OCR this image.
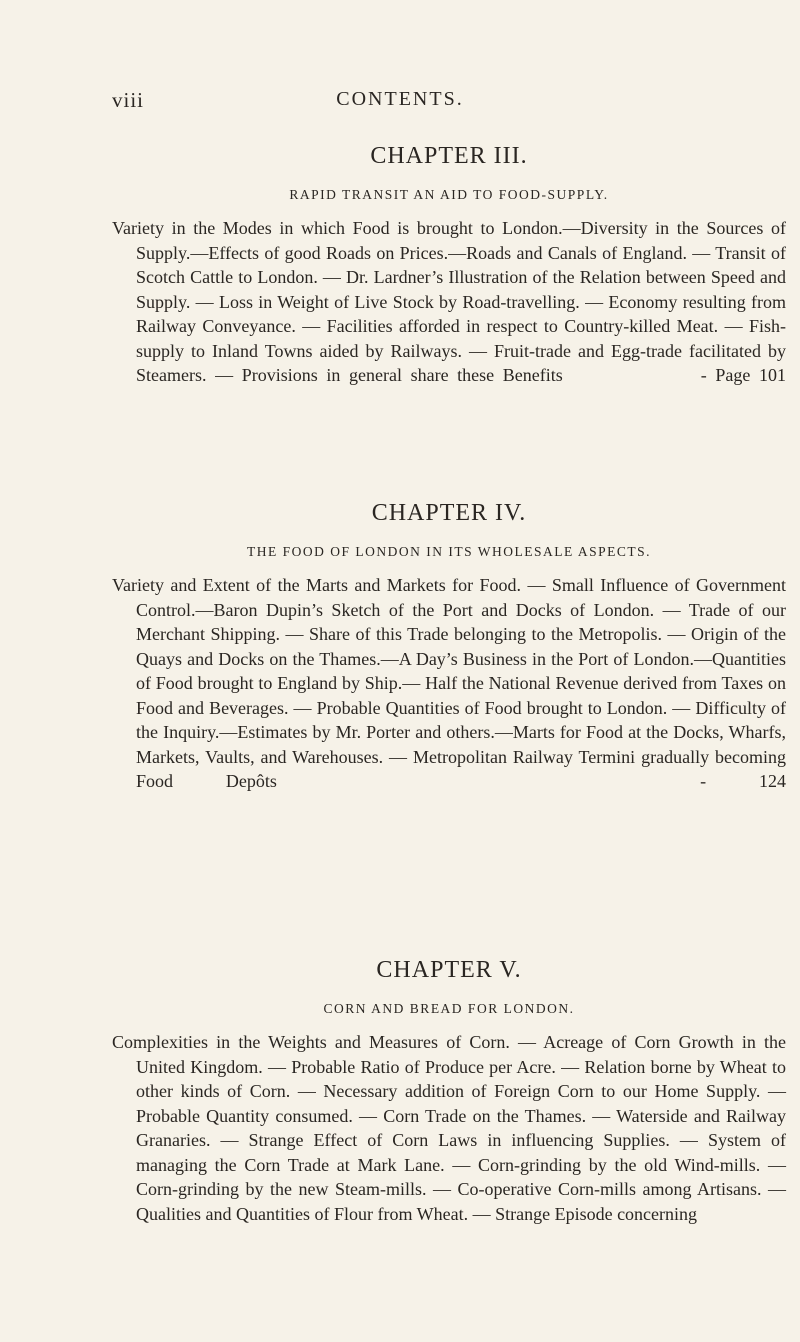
viii	CONTENTS.
CHAPTER III.
RAPID TRANSIT AN AID TO FOOD-SUPPLY.

Variety in the Modes in which Food is brought to London.—Diversity in the Sources of Supply.—Effects of good Roads on Prices.—Roads and Canals of England. — Transit of Scotch Cattle to London. — Dr. Lardner’s Illustration of the Relation between Speed and Supply. — Loss in Weight of Live Stock by Road-travelling. — Economy resulting from Railway Conveyance. — Facilities afforded in respect to Country-killed Meat. — Fish-supply to Inland Towns aided by Railways. — Fruit-trade and Egg-trade facilitated by Steamers. — Provisions in general share these Benefits	- Page 101

CHAPTER IV.
THE FOOD OF LONDON IN ITS WHOLESALE ASPECTS.

Variety and Extent of the Marts and Markets for Food. — Small Influence of Government Control.—Baron Dupin’s Sketch of the Port and Docks of London. — Trade of our Merchant Shipping. — Share of this Trade belonging to the Metropolis. — Origin of the Quays and Docks on the Thames.—A Day’s Business in the Port of London.—Quantities of Food brought to England by Ship.— Half the National Revenue derived from Taxes on Food and Beverages. — Probable Quantities of Food brought to London. — Difficulty of the Inquiry.—Estimates by Mr. Porter and others.—Marts for Food at the Docks, Wharfs, Markets, Vaults, and Warehouses. — Metropolitan Railway Termini gradually becoming Food Depôts	- 124

CHAPTER V.
CORN AND BREAD FOR LONDON.

Complexities in the Weights and Measures of Corn. — Acreage of Corn Growth in the United Kingdom. — Probable Ratio of Produce per Acre. — Relation borne by Wheat to other kinds of Corn. — Necessary addition of Foreign Corn to our Home Supply. — Probable Quantity consumed. — Corn Trade on the Thames. — Waterside and Railway Granaries. — Strange Effect of Corn Laws in influencing Supplies. — System of managing the Corn Trade at Mark Lane. — Corn-grinding by the old Wind-mills. — Corn-grinding by the new Steam-mills. — Co-operative Corn-mills among Artisans. — Qualities and Quantities of Flour from Wheat. — Strange Episode concerning
